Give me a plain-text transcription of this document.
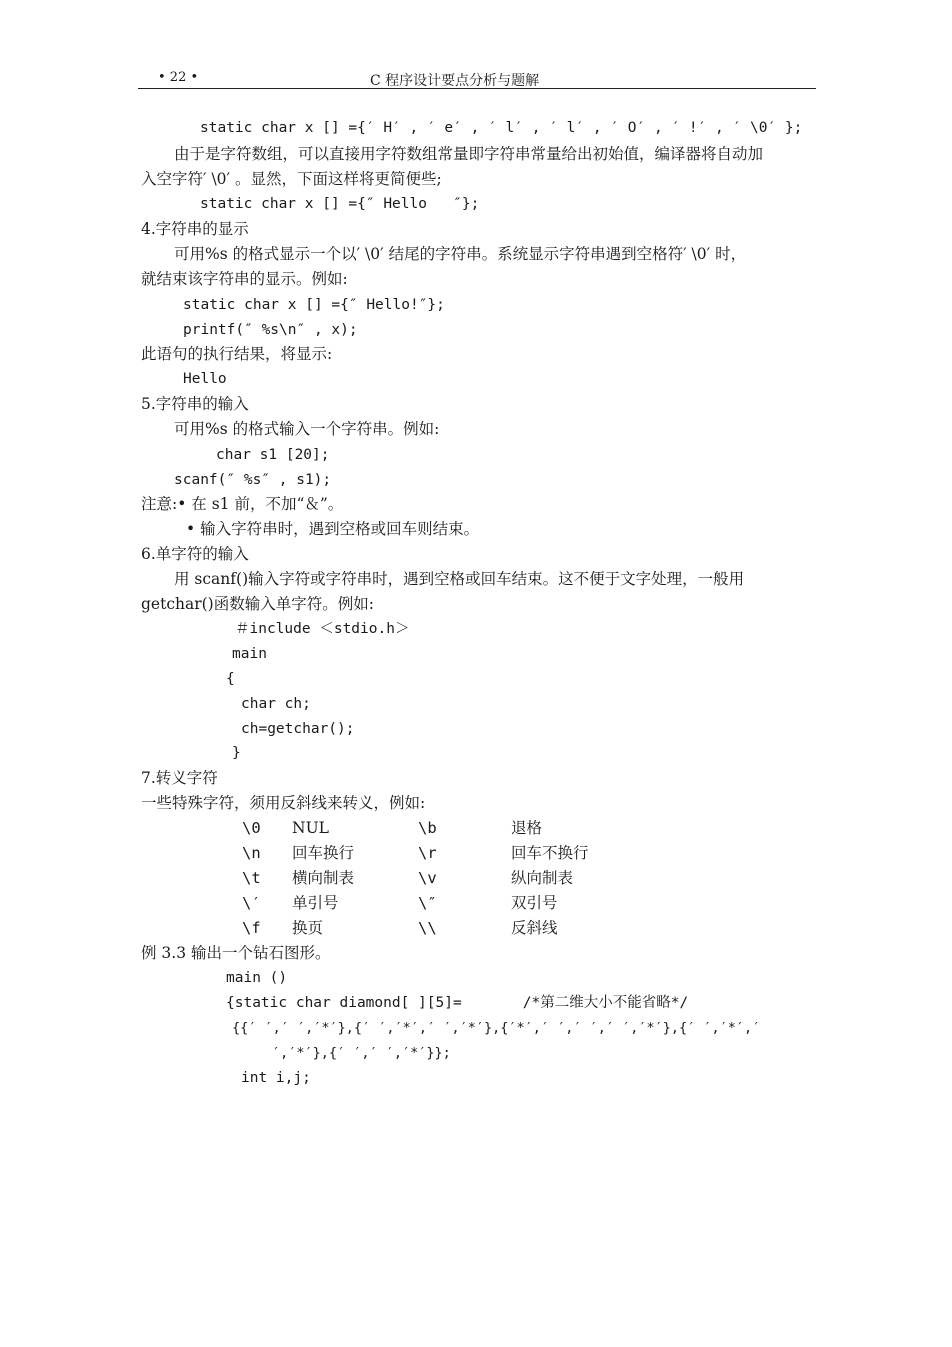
• 22 •	C 程序设计要点分析与题解
static char x [] ={′ H′ , ′ e′ , ′ l′ , ′ l′ , ′ O′ , ′ !′ , ′ \0′ };
由于是字符数组，可以直接用字符数组常量即字符串常量给出初始值，编译器将自动加
入空字符′ \0′ 。显然，下面这样将更简便些;
static char x [] ={″ Hello   ″};
4.字符串的显示
可用%s 的格式显示一个以′ \0′ 结尾的字符串。系统显示字符串遇到空格符′ \0′ 时，
就结束该字符串的显示。例如:
static char x [] ={″ Hello!″};
printf(″ %s\n″ , x);
此语句的执行结果，将显示:
Hello
5.字符串的输入
可用%s 的格式输入一个字符串。例如:
char s1 [20];
scanf(″ %s″ , s1);
注意:• 在 s1 前，不加“＆”。
• 输入字符串时，遇到空格或回车则结束。
6.单字符的输入
用 scanf()输入字符或字符串时，遇到空格或回车结束。这不便于文字处理，一般用
getchar()函数输入单字符。例如:
＃include ＜stdio.h＞
main
{
char ch;
ch=getchar();
}
7.转义字符
一些特殊字符，须用反斜线来转义，例如:
\0 NUL	\b	退格
\n 回车换行	\r	回车不换行
\t 横向制表	\v	纵向制表
\′ 单引号	\″	双引号
\f 换页	\\	反斜线
例 3.3 输出一个钻石图形。
main ()
{static char diamond[ ][5]=       /*第二维大小不能省略*/
{{′ ′,′ ′,′*′},{′ ′,′*′,′ ′,′*′},{′*′,′ ′,′ ′,′ ′,′*′},{′ ′,′*′,′
′,′*′},{′ ′,′ ′,′*′}};
int i,j;
